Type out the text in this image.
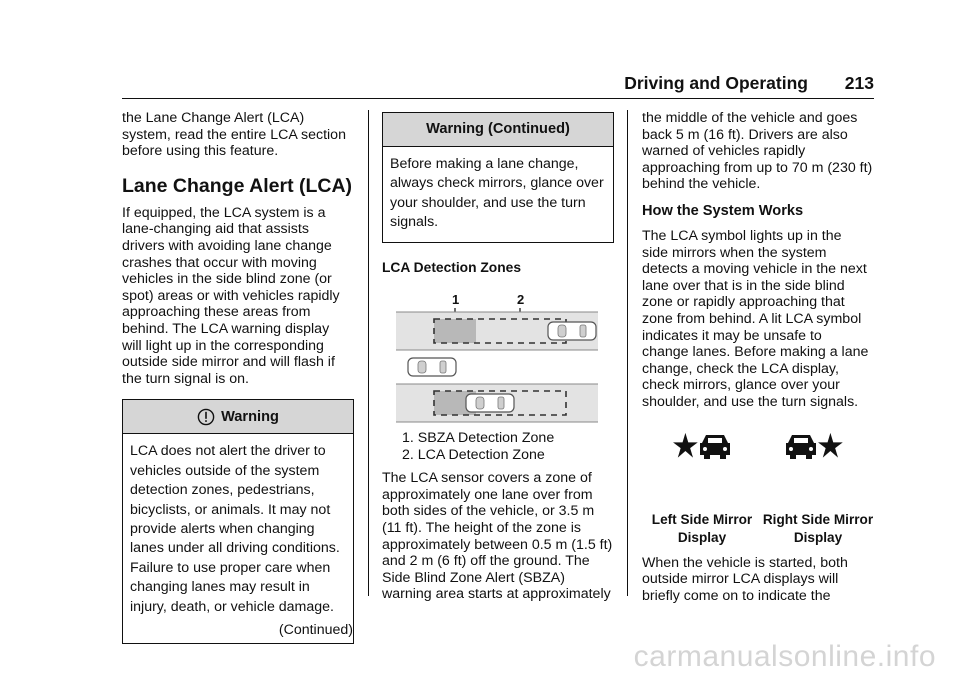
Driving and Operating 213

the Lane Change Alert (LCA)
system, read the entire LCA section
before using this feature.

Lane Change Alert (LCA)

If equipped, the LCA system is a
lane-changing aid that assists
drivers with avoiding lane change
crashes that occur with moving
vehicles in the side blind zone (or
spot) areas or with vehicles rapidly
approaching these areas from
behind. The LCA warning display
will light up in the corresponding
outside side mirror and will flash if
the turn signal is on.

Warning
LCA does not alert the driver to
vehicles outside of the system
detection zones, pedestrians,
bicyclists, or animals. It may not
provide alerts when changing
lanes under all driving conditions.
Failure to use proper care when
changing lanes may result in
injury, death, or vehicle damage.
(Continued)
Warning (Continued)
Before making a lane change,
always check mirrors, glance over
your shoulder, and use the turn
signals.
LCA Detection Zones
1	2
1. SBZA Detection Zone
2. LCA Detection Zone

The LCA sensor covers a zone of
approximately one lane over from
both sides of the vehicle, or 3.5 m
(11 ft). The height of the zone is
approximately between 0.5 m (1.5 ft)
and 2 m (6 ft) off the ground. The
Side Blind Zone Alert (SBZA)
warning area starts at approximately

the middle of the vehicle and goes
back 5 m (16 ft). Drivers are also
warned of vehicles rapidly
approaching from up to 70 m (230 ft)
behind the vehicle.

How the System Works

The LCA symbol lights up in the
side mirrors when the system
detects a moving vehicle in the next
lane over that is in the side blind
zone or rapidly approaching that
zone from behind. A lit LCA symbol
indicates it may be unsafe to
change lanes. Before making a lane
change, check the LCA display,
check mirrors, glance over your
shoulder, and use the turn signals.

Left Side Mirror
Display
Right Side Mirror
Display

When the vehicle is started, both
outside mirror LCA displays will
briefly come on to indicate the

carmanualsonline.info
